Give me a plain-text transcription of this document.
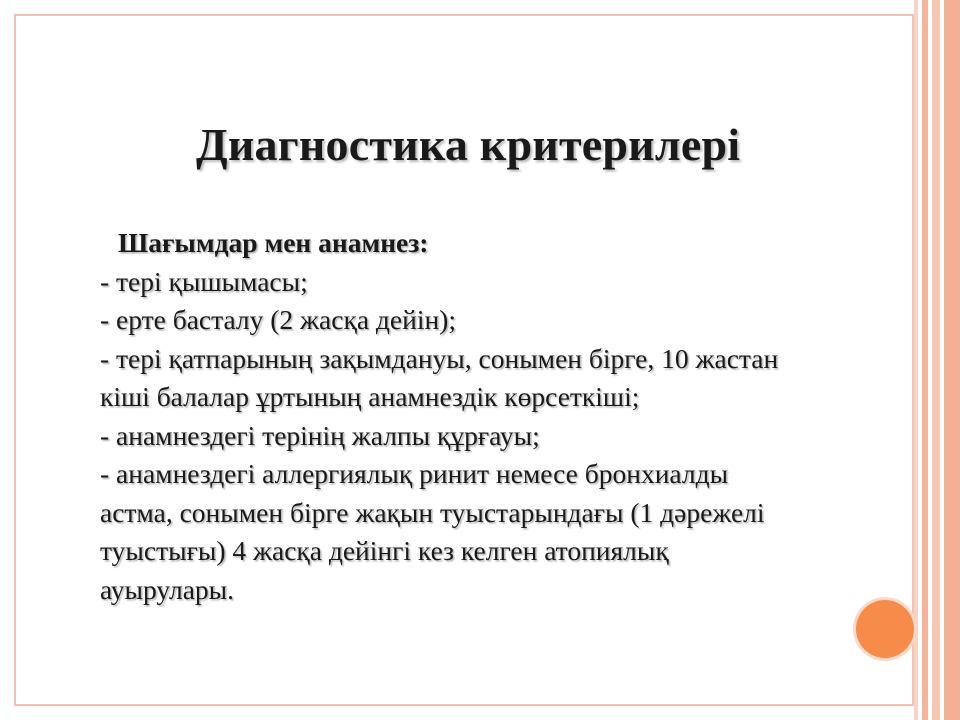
Диагностика критерилері
Шағымдар мен анамнез:
- тері қышымасы;
- ерте басталу (2 жасқа дейін);
- тері қатпарының зақымдануы, сонымен бірге, 10 жастан
кіші балалар ұртының анамнездік көрсеткіші;
- анамнездегі терінің жалпы құрғауы;
- анамнездегі аллергиялық ринит немесе бронхиалды
астма, сонымен бірге жақын туыстарындағы (1 дәрежелі
туыстығы) 4 жасқа дейінгі кез келген атопиялық
ауырулары.
